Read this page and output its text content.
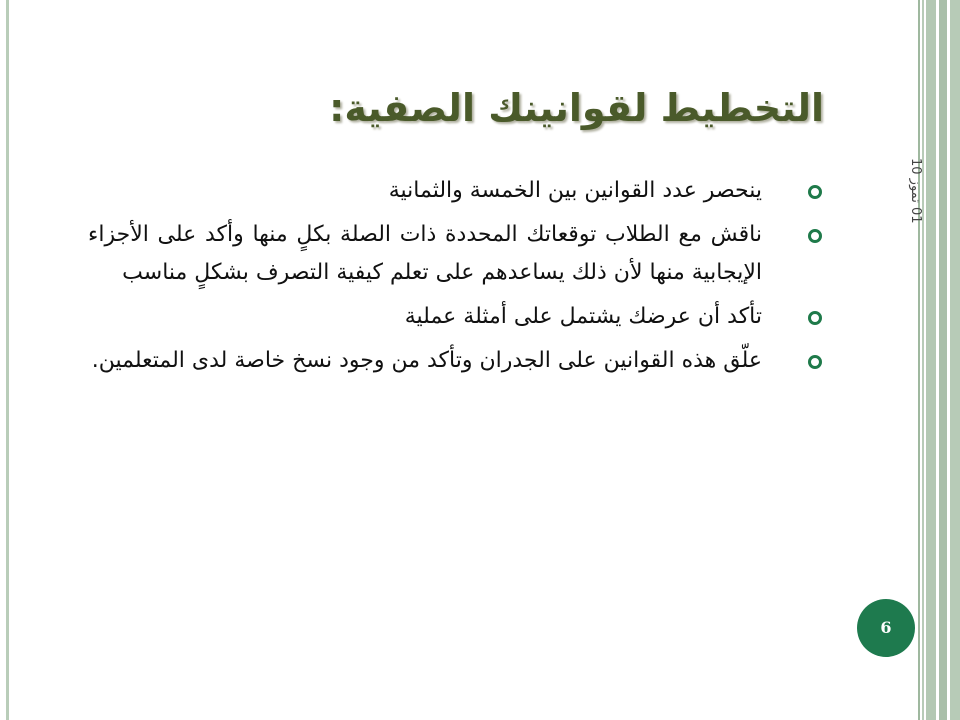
التخطيط لقوانينك الصفية:
01 تموز 10
ينحصر عدد القوانين بين الخمسة والثمانية
ناقش مع الطلاب توقعاتك المحددة ذات الصلة بكلٍ منها وأكد على الأجزاء الإيجابية منها لأن ذلك يساعدهم على تعلم كيفية التصرف بشكلٍ مناسب
تأكد أن عرضك يشتمل على أمثلة عملية
علّق هذه القوانين على الجدران وتأكد من وجود نسخ خاصة لدى المتعلمين.
6
